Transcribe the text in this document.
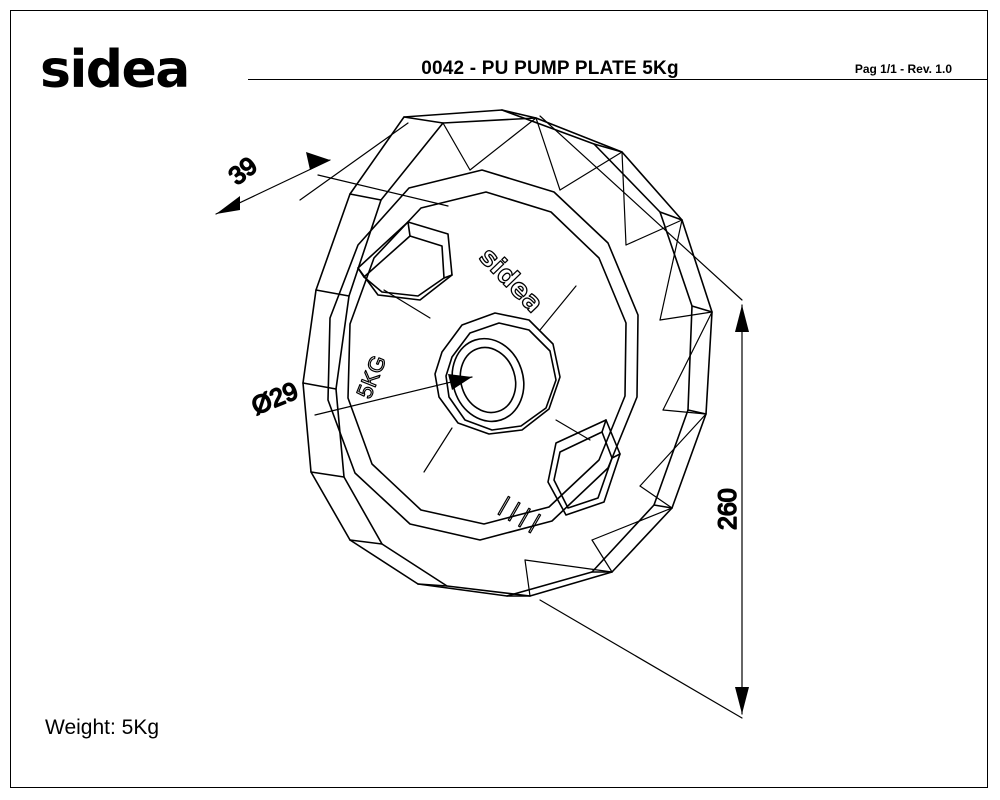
sidea	0042 - PU PUMP PLATE 5Kg	Pag 1/1 - Rev. 1.0
sidea
5KG
| | | |
39
Ø29
260
Weight: 5Kg
